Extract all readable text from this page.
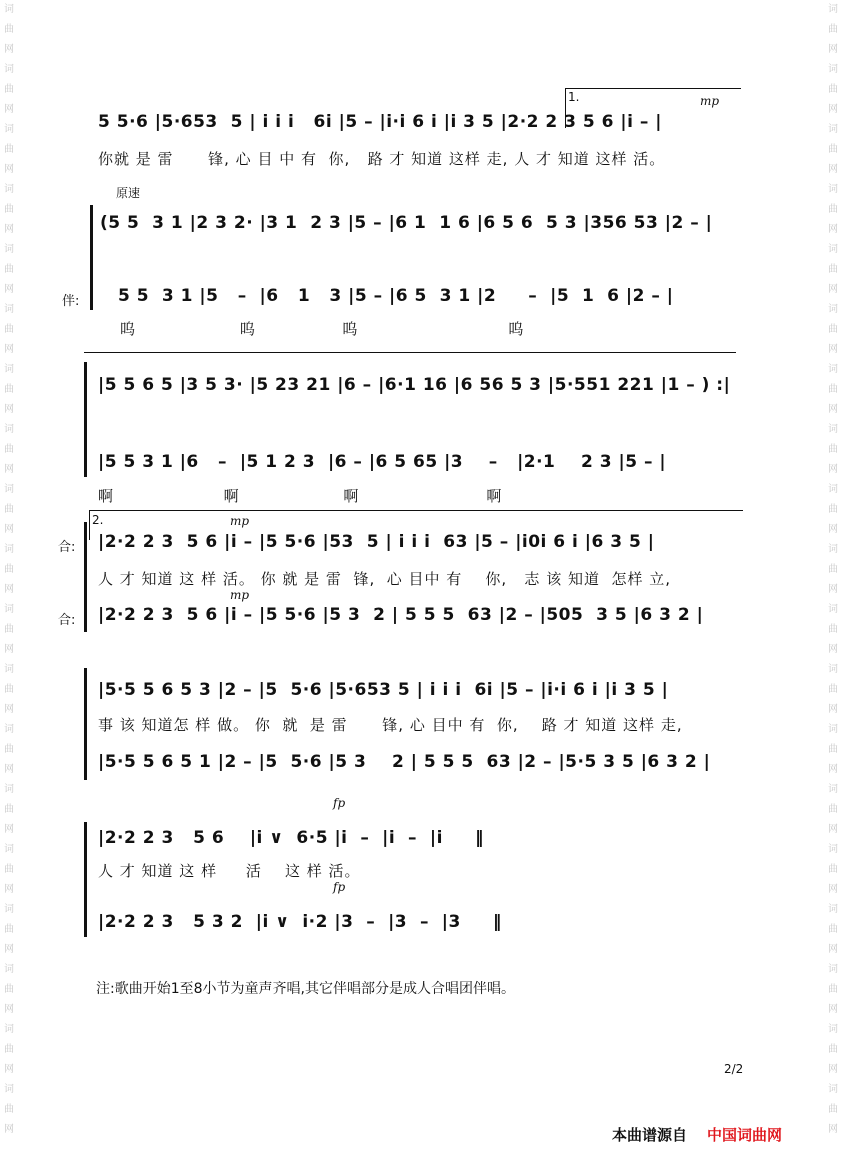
词 曲 网 词 曲 网 词 曲 网 词 曲 网 词 曲 网 词 曲 网 词 曲 网 词 曲 网 词 曲 网 词 曲 网 词 曲 网 词 曲 网 词 曲 网 词 曲 网 词 曲 网 词 曲 网 词 曲 网 词 曲 网 词 曲 网
词 曲 网 词 曲 网 词 曲 网 词 曲 网 词 曲 网 词 曲 网 词 曲 网 词 曲 网 词 曲 网 词 曲 网 词 曲 网 词 曲 网 词 曲 网 词 曲 网 词 曲 网 词 曲 网 词 曲 网 词 曲 网 词 曲 网
1.	mp
5 5·6 |5·653  5 | i i i   6i |5 – |i·i 6 i |i 3 5 |2·2 2 3 5 6 |i – |
你就 是 雷      锋, 心 目 中 有  你,   路 才 知道 这样 走, 人 才 知道 这样 活。
原速
(5 5  3 1 |2 3 2· |3 1  2 3 |5 – |6 1  1 6 |6 5 6  5 3 |356 53 |2 – |
伴: 5 5  3 1 |5   –  |6   1   3 |5 – |6 5  3 1 |2     –  |5  1  6 |2 – |
呜                  呜               呜                          呜
|5 5 6 5 |3 5 3· |5 23 21 |6 – |6·1 16 |6 56 5 3 |5·551 221 |1 – ) :|
|5 5 3 1 |6   –  |5 1 2 3  |6 – |6 5 65 |3    –   |2·1    2 3 |5 – |
啊                   啊                  啊                      啊
2.	mp
合: |2·2 2 3  5 6 |i – |5 5·6 |53  5 | i i i  63 |5 – |i0i 6 i |6 3 5 |
人 才 知道 这 样 活。 你 就 是 雷  锋,  心 目中 有    你,   志 该 知道  怎样 立,
mp
合: |2·2 2 3  5 6 |i – |5 5·6 |5 3  2 | 5 5 5  63 |2 – |505  3 5 |6 3 2 |
|5·5 5 6 5 3 |2 – |5  5·6 |5·653 5 | i i i  6i |5 – |i·i 6 i |i 3 5 |
事 该 知道怎 样 做。 你  就  是 雷      锋, 心 目中 有  你,    路 才 知道 这样 走,
|5·5 5 6 5 1 |2 – |5  5·6 |5 3    2 | 5 5 5  63 |2 – |5·5 3 5 |6 3 2 |
fp
|2·2 2 3   5 6    |i ∨  6·5 |i  –  |i  –  |i     ‖
人 才 知道 这 样     活    这 样 活。
fp
|2·2 2 3   5 3 2  |i ∨  i·2 |3  –  |3  –  |3     ‖
注:歌曲开始1至8小节为童声齐唱,其它伴唱部分是成人合唱团伴唱。
2/2
本曲谱源自 中国词曲网
